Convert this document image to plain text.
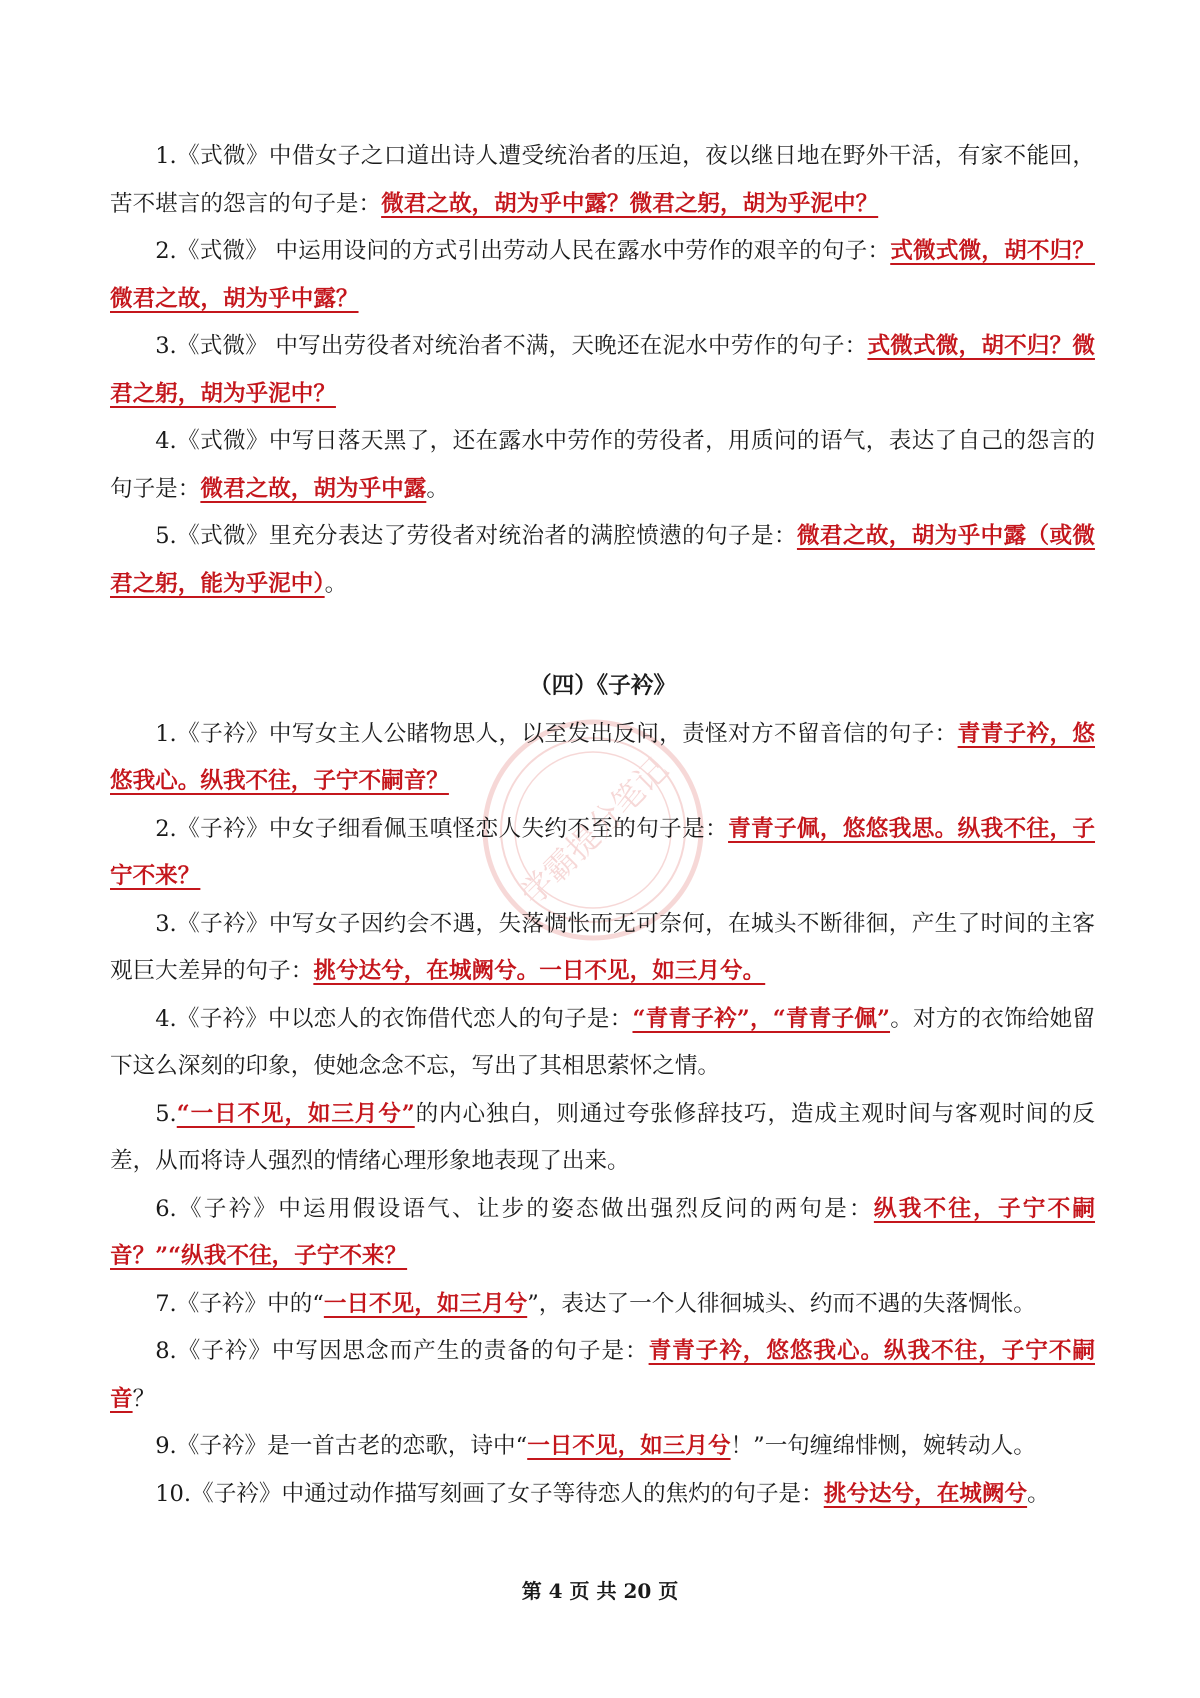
学霸提分笔记

1.《式微》中借女子之口道出诗人遭受统治者的压迫，夜以继日地在野外干活，有家不能回，苦不堪言的怨言的句子是：微君之故，胡为乎中露？微君之躬，胡为乎泥中？

2.《式微》 中运用设问的方式引出劳动人民在露水中劳作的艰辛的句子：式微式微，胡不归？微君之故，胡为乎中露？

3.《式微》 中写出劳役者对统治者不满，天晚还在泥水中劳作的句子：式微式微，胡不归？微君之躬，胡为乎泥中？

4.《式微》中写日落天黑了，还在露水中劳作的劳役者，用质问的语气，表达了自己的怨言的句子是：微君之故，胡为乎中露。

5.《式微》里充分表达了劳役者对统治者的满腔愤懑的句子是：微君之故，胡为乎中露（或微君之躬，能为乎泥中）。

（四）《子衿》

1.《子衿》中写女主人公睹物思人，以至发出反问，责怪对方不留音信的句子：青青子衿，悠悠我心。纵我不往，子宁不嗣音？

2.《子衿》中女子细看佩玉嗔怪恋人失约不至的句子是：青青子佩，悠悠我思。纵我不往，子宁不来？

3.《子衿》中写女子因约会不遇，失落惆怅而无可奈何，在城头不断徘徊，产生了时间的主客观巨大差异的句子：挑兮达兮，在城阙兮。一日不见，如三月兮。

4.《子衿》中以恋人的衣饰借代恋人的句子是：“青青子衿”，“青青子佩”。对方的衣饰给她留下这么深刻的印象，使她念念不忘，写出了其相思萦怀之情。

5.“一日不见，如三月兮”的内心独白，则通过夸张修辞技巧，造成主观时间与客观时间的反差，从而将诗人强烈的情绪心理形象地表现了出来。

6.《子衿》中运用假设语气、让步的姿态做出强烈反问的两句是：纵我不往，子宁不嗣音？”“纵我不往，子宁不来？

7.《子衿》中的“一日不见，如三月兮”，表达了一个人徘徊城头、约而不遇的失落惆怅。

8.《子衿》中写因思念而产生的责备的句子是：青青子衿，悠悠我心。纵我不往，子宁不嗣音？

9.《子衿》是一首古老的恋歌，诗中“一日不见，如三月兮！”一句缠绵悱恻，婉转动人。

10.《子衿》中通过动作描写刻画了女子等待恋人的焦灼的句子是：挑兮达兮，在城阙兮。

第 4 页 共 20 页
